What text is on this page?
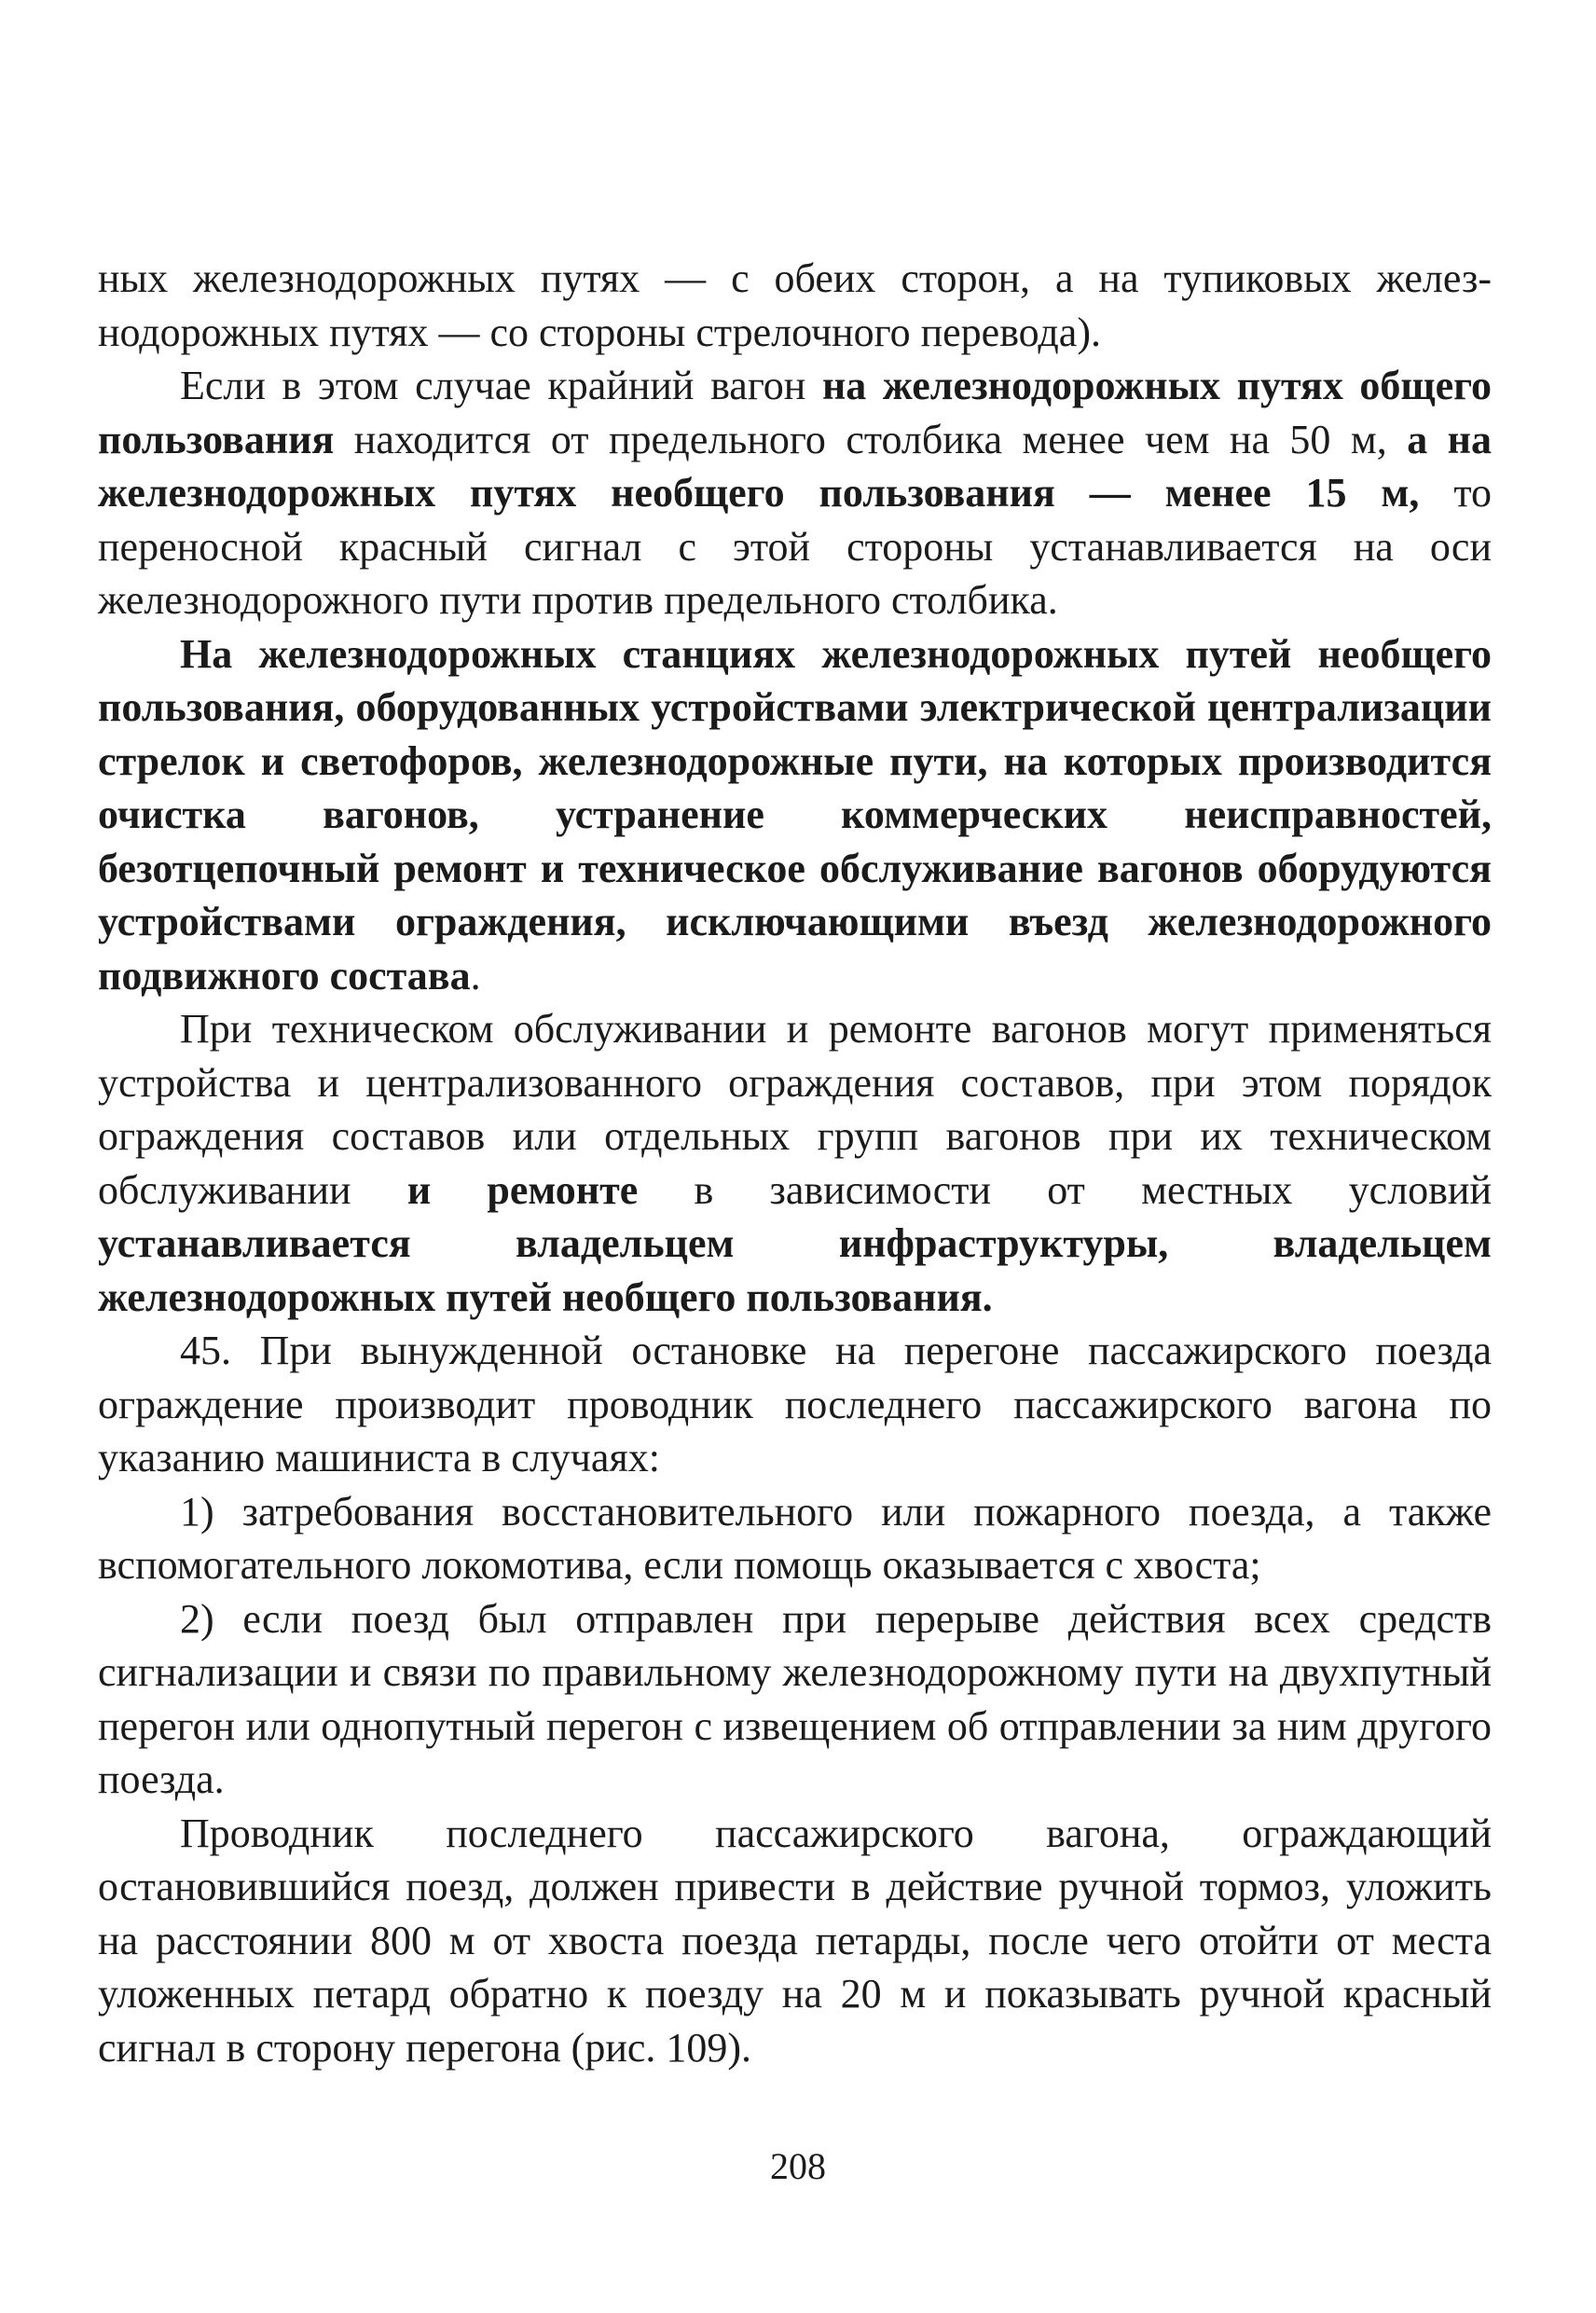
ных железнодорожных путях — с обеих сторон, а на тупиковых железнодорожных путях — со стороны стрелочного перевода).

Если в этом случае крайний вагон на железнодорожных путях общего пользования находится от предельного столбика менее чем на 50 м, а на железнодорожных путях необщего пользования — менее 15 м, то переносной красный сигнал с этой стороны устанавливается на оси железнодорожного пути против предельного столбика.

На железнодорожных станциях железнодорожных путей необщего пользования, оборудованных устройствами электрической централизации стрелок и светофоров, железнодорожные пути, на которых производится очистка вагонов, устранение коммерческих неисправностей, безотцепочный ремонт и техническое обслуживание вагонов оборудуются устройствами ограждения, исключающими въезд железнодорожного подвижного состава.

При техническом обслуживании и ремонте вагонов могут применяться устройства и централизованного ограждения составов, при этом порядок ограждения составов или отдельных групп вагонов при их техническом обслуживании и ремонте в зависимости от местных условий устанавливается владельцем инфраструктуры, владельцем железнодорожных путей необщего пользования.

45. При вынужденной остановке на перегоне пассажирского поезда ограждение производит проводник последнего пассажирского вагона по указанию машиниста в случаях:

1) затребования восстановительного или пожарного поезда, а также вспомогательного локомотива, если помощь оказывается с хвоста;

2) если поезд был отправлен при перерыве действия всех средств сигнализации и связи по правильному железнодорожному пути на двухпутный перегон или однопутный перегон с извещением об отправлении за ним другого поезда.

Проводник последнего пассажирского вагона, ограждающий остановившийся поезд, должен привести в действие ручной тормоз, уложить на расстоянии 800 м от хвоста поезда петарды, после чего отойти от места уложенных петард обратно к поезду на 20 м и показывать ручной красный сигнал в сторону перегона (рис. 109).

208
